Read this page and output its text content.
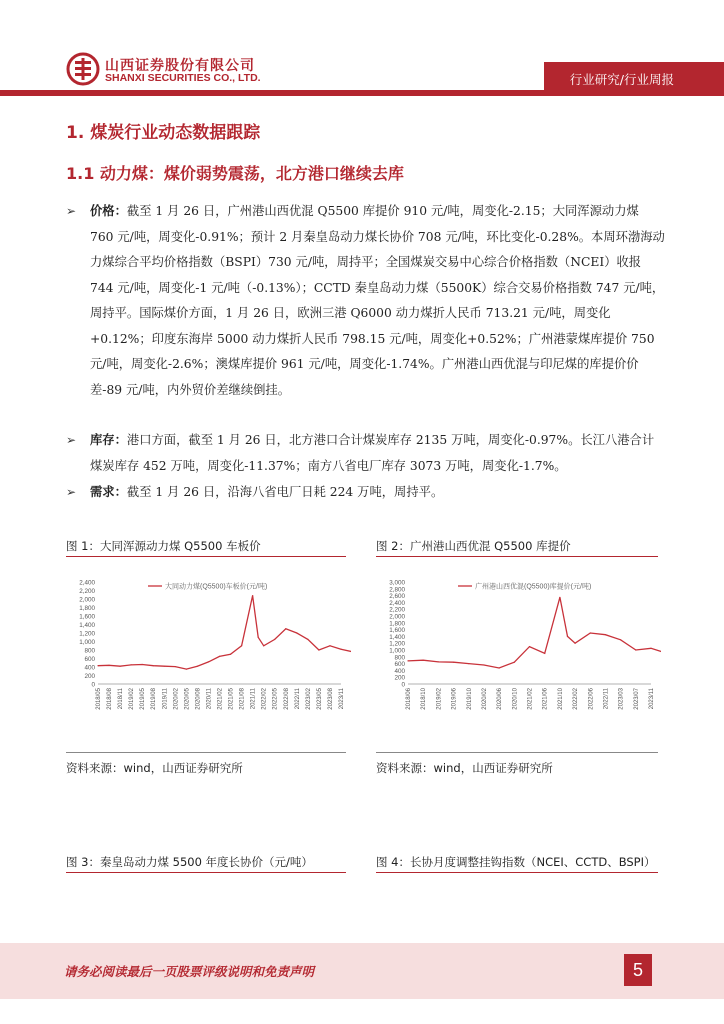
山西证券股份有限公司
SHANXI SECURITIES CO., LTD.	行业研究/行业周报
1. 煤炭行业动态数据跟踪
1.1 动力煤：煤价弱势震荡，北方港口继续去库
➢ 价格：截至 1 月 26 日，广州港山西优混 Q5500 库提价 910 元/吨，周变化-2.15；大同浑源动力煤 760 元/吨，周变化-0.91%；预计 2 月秦皇岛动力煤长协价 708 元/吨，环比变化-0.28%。本周环渤海动力煤综合平均价格指数（BSPI）730 元/吨，周持平；全国煤炭交易中心综合价格指数（NCEI）收报 744 元/吨，周变化-1 元/吨（-0.13%）；CCTD 秦皇岛动力煤（5500K）综合交易价格指数 747 元/吨，周持平。国际煤价方面，1 月 26 日，欧洲三港 Q6000 动力煤折人民币 713.21 元/吨，周变化+0.12%；印度东海岸 5000 动力煤折人民币 798.15 元/吨，周变化+0.52%；广州港蒙煤库提价 750 元/吨，周变化-2.6%；澳煤库提价 961 元/吨，周变化-1.74%。广州港山西优混与印尼煤的库提价价差-89 元/吨，内外贸价差继续倒挂。
➢ 库存：港口方面，截至 1 月 26 日，北方港口合计煤炭库存 2135 万吨，周变化-0.97%。长江八港合计煤炭库存 452 万吨，周变化-11.37%；南方八省电厂库存 3073 万吨，周变化-1.7%。
➢ 需求：截至 1 月 26 日，沿海八省电厂日耗 224 万吨，周持平。
图 1：大同浑源动力煤 Q5500 车板价	图 2：广州港山西优混 Q5500 库提价
0
200
400
600
800
1,000
1,200
1,400
1,600
1,800
2,000
2,200
2,400
2018/05 2018/08 2018/11 2019/02 2019/05 2019/08 2019/11 2020/02 2020/05 2020/08 2020/11 2021/02 2021/05 2021/08 2021/11 2022/02 2022/05 2022/08 2022/11 2023/02 2023/05 2023/08 2023/11
大同动力煤(Q5500)车板价(元/吨)
0
200
400
600
800
1,000
1,200
1,400
1,600
1,800
2,000
2,200
2,400
2,600
2,800
3,000
2018/06 2018/10 2019/02 2019/06 2019/10 2020/02 2020/06 2020/10 2021/02 2021/06 2021/10 2022/02 2022/06 2022/11 2023/03 2023/07 2023/11
广州港山西优混(Q5500)库提价(元/吨)
资料来源：wind，山西证券研究所	资料来源：wind，山西证券研究所
图 3：秦皇岛动力煤 5500 年度长协价（元/吨）	图 4：长协月度调整挂钩指数（NCEI、CCTD、BSPI）
请务必阅读最后一页股票评级说明和免责声明	5
